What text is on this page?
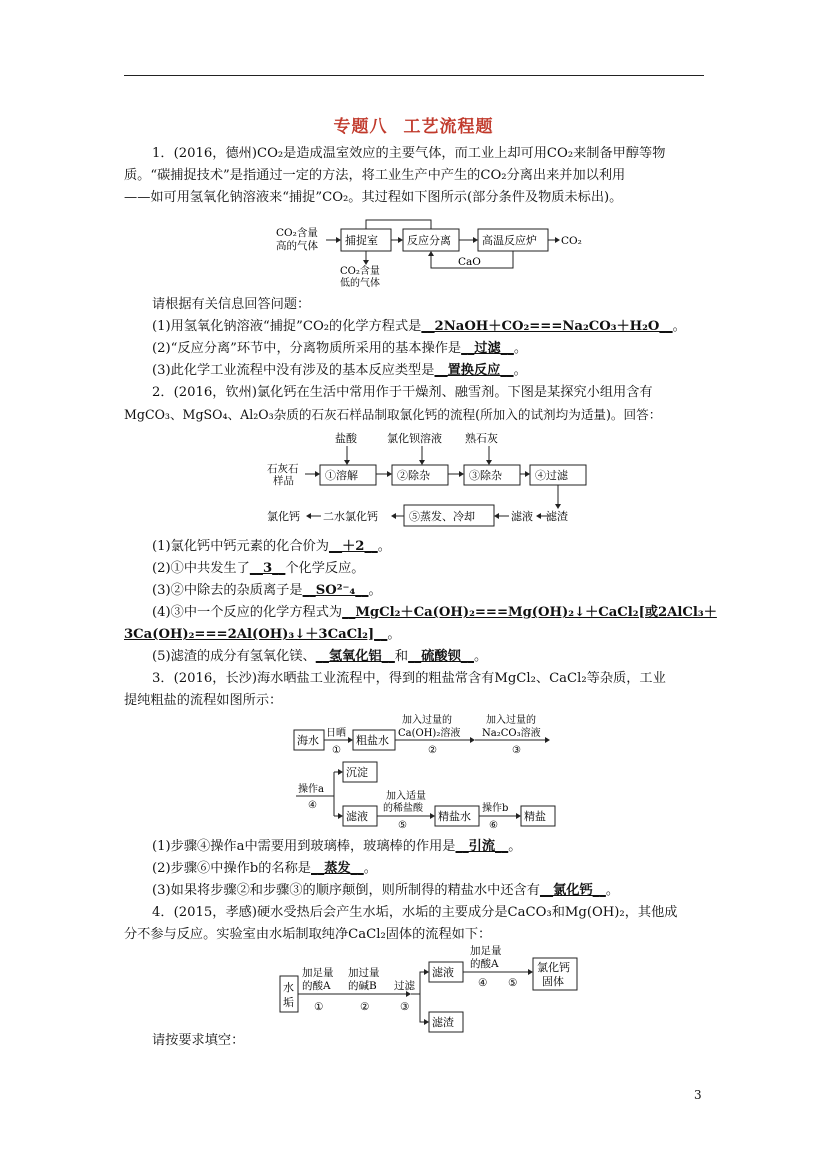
专题八 工艺流程题
1．(2016，德州)CO₂是造成温室效应的主要气体，而工业上却可用CO₂来制备甲醇等物
质。“碳捕捉技术”是指通过一定的方法，将工业生产中产生的CO₂分离出来并加以利用
——如可用氢氧化钠溶液来“捕捉”CO₂。其过程如下图所示(部分条件及物质未标出)。
CO₂含量
高的气体 捕捉室	反应分离	高温反应炉 CO₂
CaO
CO₂含量
低的气体
请根据有关信息回答问题：
(1)用氢氧化钠溶液“捕捉”CO₂的化学方程式是__2NaOH＋CO₂===Na₂CO₃＋H₂O__。
(2)“反应分离”环节中，分离物质所采用的基本操作是__过滤__。
(3)此化学工业流程中没有涉及的基本反应类型是__置换反应__。
2．(2016，钦州)氯化钙在生活中常用作于干燥剂、融雪剂。下图是某探究小组用含有
MgCO₃、MgSO₄、Al₂O₃杂质的石灰石样品制取氯化钙的流程(所加入的试剂均为适量)。回答：
盐酸	氯化钡溶液 熟石灰
石灰石
样品	①溶解	②除杂	③除杂	④过滤
滤渣
滤液
⑤蒸发、冷却
二水氯化钙
氯化钙
(1)氯化钙中钙元素的化合价为__＋2__。
(2)①中共发生了__3__个化学反应。
(3)②中除去的杂质离子是__SO²⁻₄__。
(4)③中一个反应的化学方程式为__MgCl₂＋Ca(OH)₂===Mg(OH)₂↓＋CaCl₂[或2AlCl₃＋
3Ca(OH)₂===2Al(OH)₃↓＋3CaCl₂]__。
(5)滤渣的成分有氢氧化镁、__氢氧化铝__和__硫酸钡__。
3．(2016，长沙)海水晒盐工业流程中，得到的粗盐常含有MgCl₂、CaCl₂等杂质，工业
提纯粗盐的流程如图所示：
海水
日晒
①
粗盐水
加入过量的
Ca(OH)₂溶液
②
加入过量的
Na₂CO₃溶液
③
操作a
④
沉淀
滤液
加入适量
的稀盐酸
⑤
精盐水
操作b
⑥
精盐
(1)步骤④操作a中需要用到玻璃棒，玻璃棒的作用是__引流__。
(2)步骤⑥中操作b的名称是__蒸发__。
(3)如果将步骤②和步骤③的顺序颠倒，则所制得的精盐水中还含有__氯化钙__。
4．(2015，孝感)硬水受热后会产生水垢，水垢的主要成分是CaCO₃和Mg(OH)₂，其他成
分不参与反应。实验室由水垢制取纯净CaCl₂固体的流程如下：
水
垢
加足量
的酸A
①
加过量
的碱B
②
过滤
③
滤液
滤渣
加足量
的酸A
④ ⑤
氯化钙
固体
请按要求填空：
3
